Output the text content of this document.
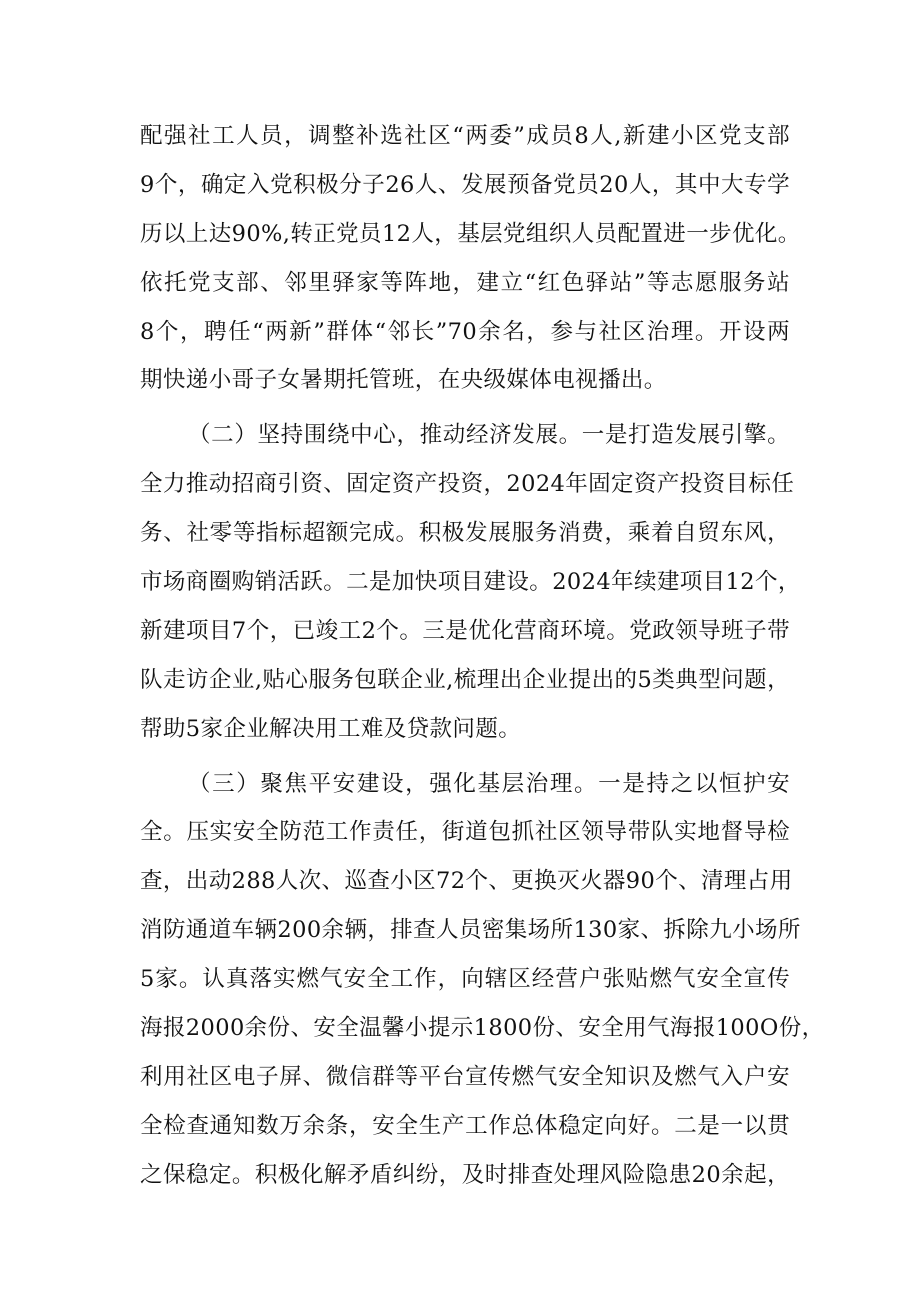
配强社工人员，调整补选社区“两委”成员8人,新建小区党支部
9个，确定入党积极分子26人、发展预备党员20人，其中大专学
历以上达90%,转正党员12人，基层党组织人员配置进一步优化。
依托党支部、邻里驿家等阵地，建立“红色驿站”等志愿服务站
8个，聘任“两新”群体“邻长”70余名，参与社区治理。开设两
期快递小哥子女暑期托管班，在央级媒体电视播出。
（二）坚持围绕中心，推动经济发展。一是打造发展引擎。
全力推动招商引资、固定资产投资，2024年固定资产投资目标任
务、社零等指标超额完成。积极发展服务消费，乘着自贸东风，
市场商圈购销活跃。二是加快项目建设。2024年续建项目12个，
新建项目7个，已竣工2个。三是优化营商环境。党政领导班子带
队走访企业,贴心服务包联企业,梳理出企业提出的5类典型问题，
帮助5家企业解决用工难及贷款问题。
（三）聚焦平安建设，强化基层治理。一是持之以恒护安
全。压实安全防范工作责任，街道包抓社区领导带队实地督导检
查，出动288人次、巡查小区72个、更换灭火器90个、清理占用
消防通道车辆200余辆，排查人员密集场所130家、拆除九小场所
5家。认真落实燃气安全工作，向辖区经营户张贴燃气安全宣传
海报2000余份、安全温馨小提示1800份、安全用气海报100O份，
利用社区电子屏、微信群等平台宣传燃气安全知识及燃气入户安
全检查通知数万余条，安全生产工作总体稳定向好。二是一以贯
之保稳定。积极化解矛盾纠纷，及时排查处理风险隐患20余起，
